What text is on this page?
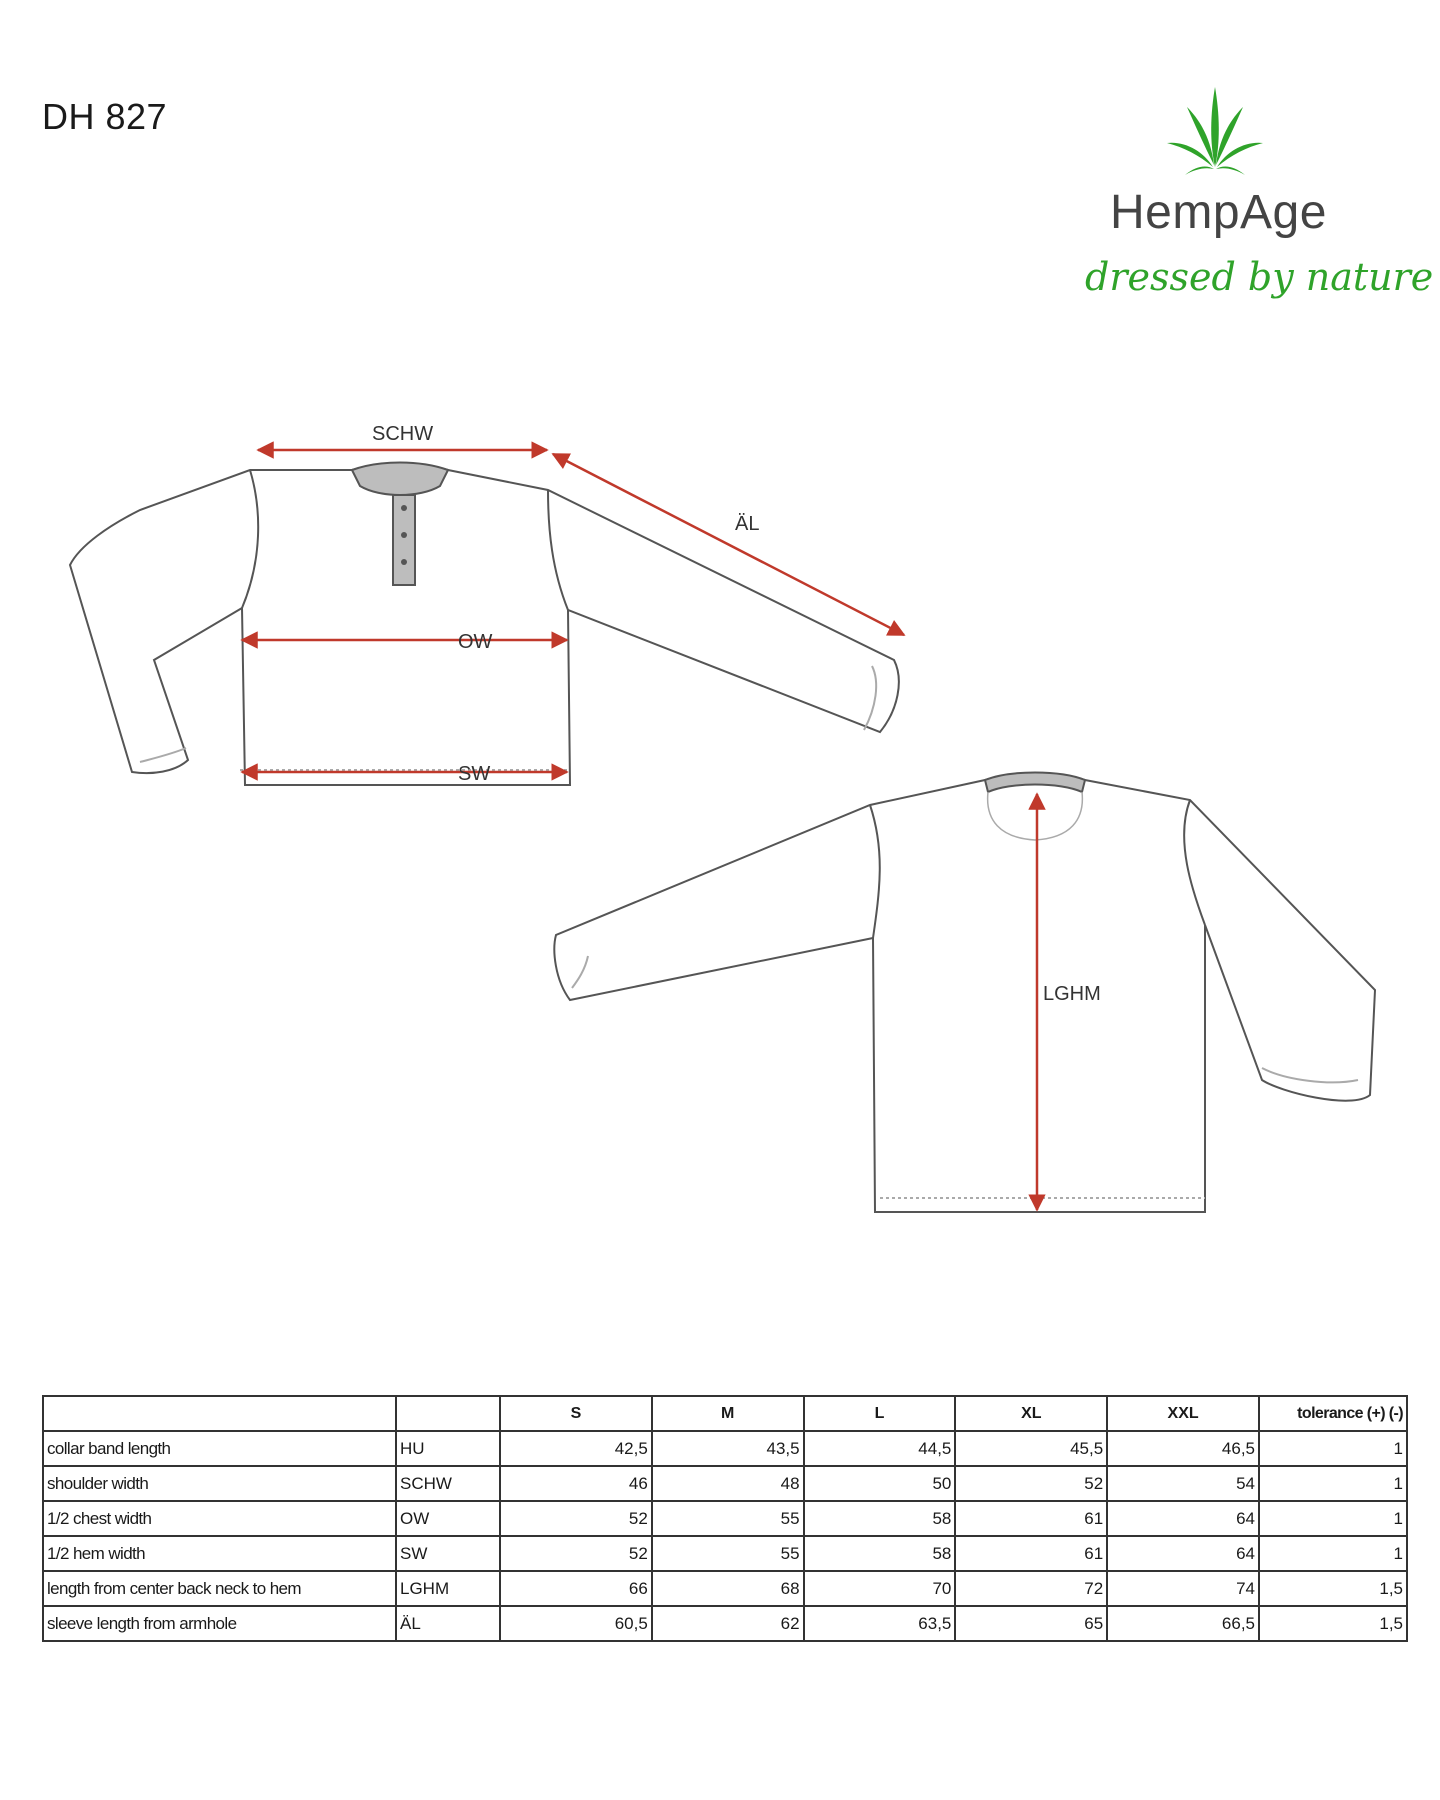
DH 827
HempAge
dressed by nature
SCHW
ÄL
OW
SW
LGHM
		S	M	L	XL	XXL	tolerance (+) (-)
collar band length	HU	42,5	43,5	44,5	45,5	46,5	1
shoulder width	SCHW	46	48	50	52	54	1
1/2 chest width	OW	52	55	58	61	64	1
1/2 hem width	SW	52	55	58	61	64	1
length from center back neck to hem	LGHM	66	68	70	72	74	1,5
sleeve length from armhole	ÄL	60,5	62	63,5	65	66,5	1,5
